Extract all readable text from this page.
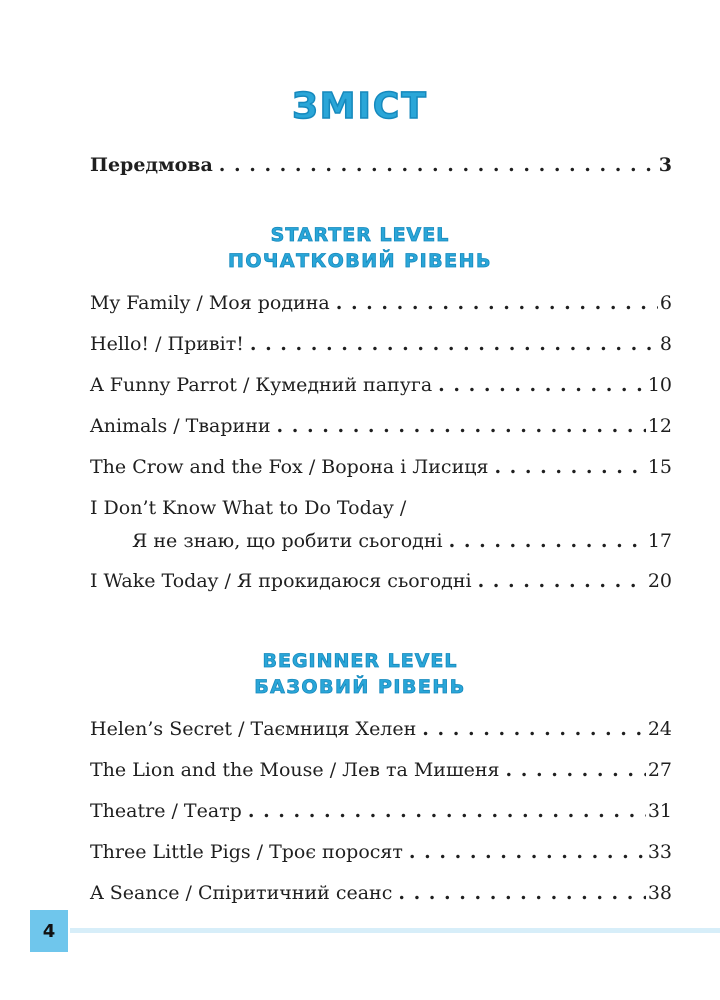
ЗМІСТ
Передмова . . .	3
STARTER LEVEL
ПОЧАТКОВИЙ РІВЕНЬ
My Family / Моя родина . . .	6
Hello! / Привіт! . . .	8
A Funny Parrot / Кумедний папуга . . .	10
Animals / Тварини . . .	12
The Crow and the Fox / Ворона і Лисиця . . .	15
I Don’t Know What to Do Today /
Я не знаю, що робити сьогодні . . .	17
I Wake Today / Я прокидаюся сьогодні . . .	20
BEGINNER LEVEL
БАЗОВИЙ РІВЕНЬ
Helen’s Secret / Таємниця Хелен . . .	24
The Lion and the Mouse / Лев та Мишеня . . .	27
Theatre / Театр . . .	31
Three Little Pigs / Троє поросят . . .	33
A Seance / Спіритичний сеанс . . .	38
4
